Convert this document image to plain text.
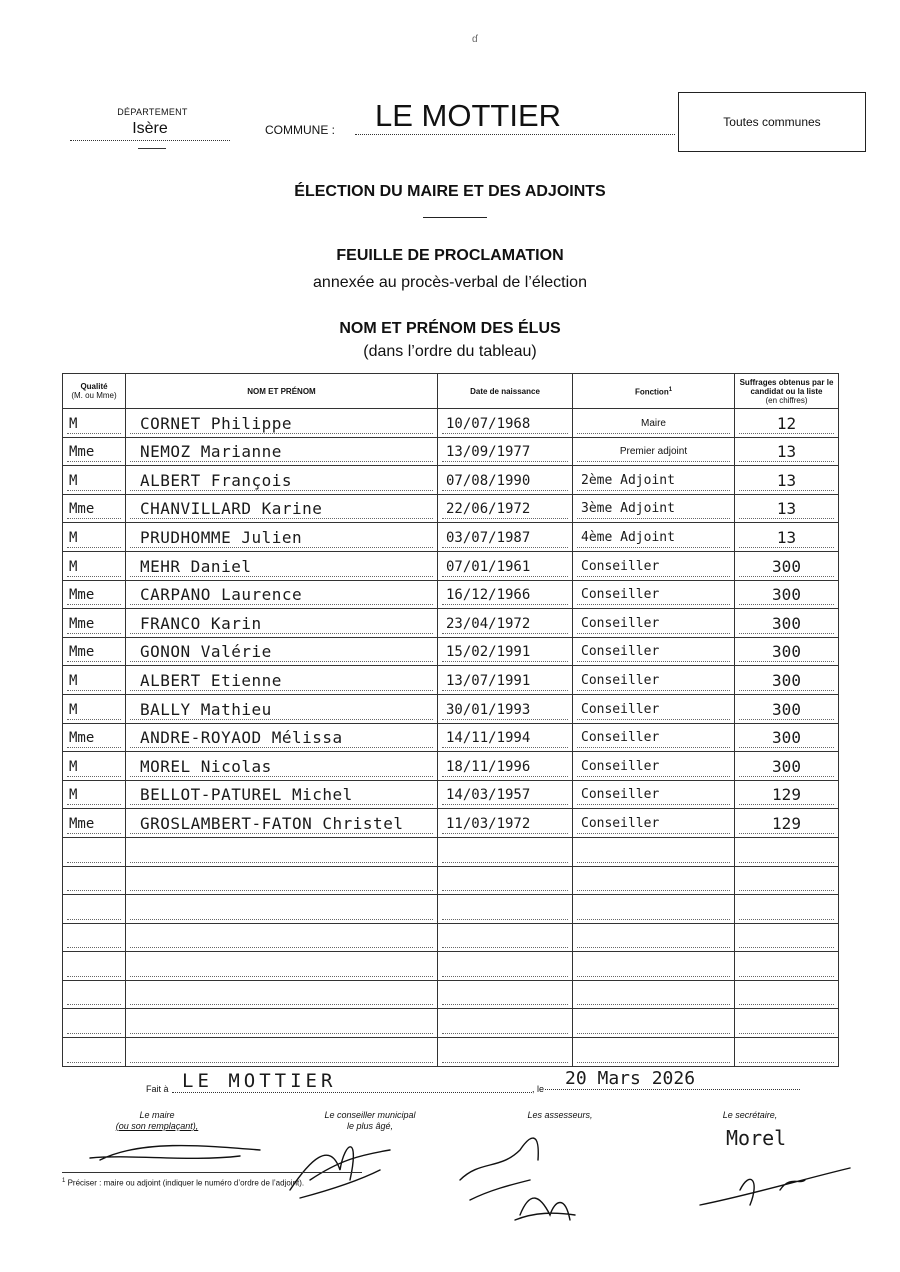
ɗ
DÉPARTEMENT
Isère	COMMUNE :	LE MOTTIER	Toutes communes
ÉLECTION DU MAIRE ET DES ADJOINTS
FEUILLE DE PROCLAMATION
annexée au procès-verbal de l’élection
NOM ET PRÉNOM DES ÉLUS
(dans l’ordre du tableau)
Qualité
(M. ou Mme)	NOM ET PRÉNOM	Date de naissance	Fonction$^1$	Suffrages obtenus par le candidat ou la liste
(en chiffres)

M	CORNET Philippe	10/07/1968	Maire	12

Mme	NEMOZ Marianne	13/09/1977	Premier adjoint	13

M	ALBERT François	07/08/1990	2ème Adjoint	13

Mme	CHANVILLARD Karine	22/06/1972	3ème Adjoint	13

M	PRUDHOMME Julien	03/07/1987	4ème Adjoint	13

M	MEHR Daniel	07/01/1961	Conseiller	300

Mme	CARPANO Laurence	16/12/1966	Conseiller	300

Mme	FRANCO Karin	23/04/1972	Conseiller	300

Mme	GONON Valérie	15/02/1991	Conseiller	300

M	ALBERT Etienne	13/07/1991	Conseiller	300

M	BALLY Mathieu	30/01/1993	Conseiller	300

Mme	ANDRE-ROYAOD Mélissa	14/11/1994	Conseiller	300

M	MOREL Nicolas	18/11/1996	Conseiller	300

M	BELLOT-PATUREL Michel	14/03/1957	Conseiller	129

Mme	GROSLAMBERT-FATON Christel	11/03/1972	Conseiller	129

Fait à LE MOTTIER	, le	20 Mars 2026
Le maire
(ou son remplaçant),
Le conseiller municipal
le plus âgé,
Les assesseurs,	Le secrétaire,
Morel
$^1$ Préciser : maire ou adjoint (indiquer le numéro d’ordre de l’adjoint).
